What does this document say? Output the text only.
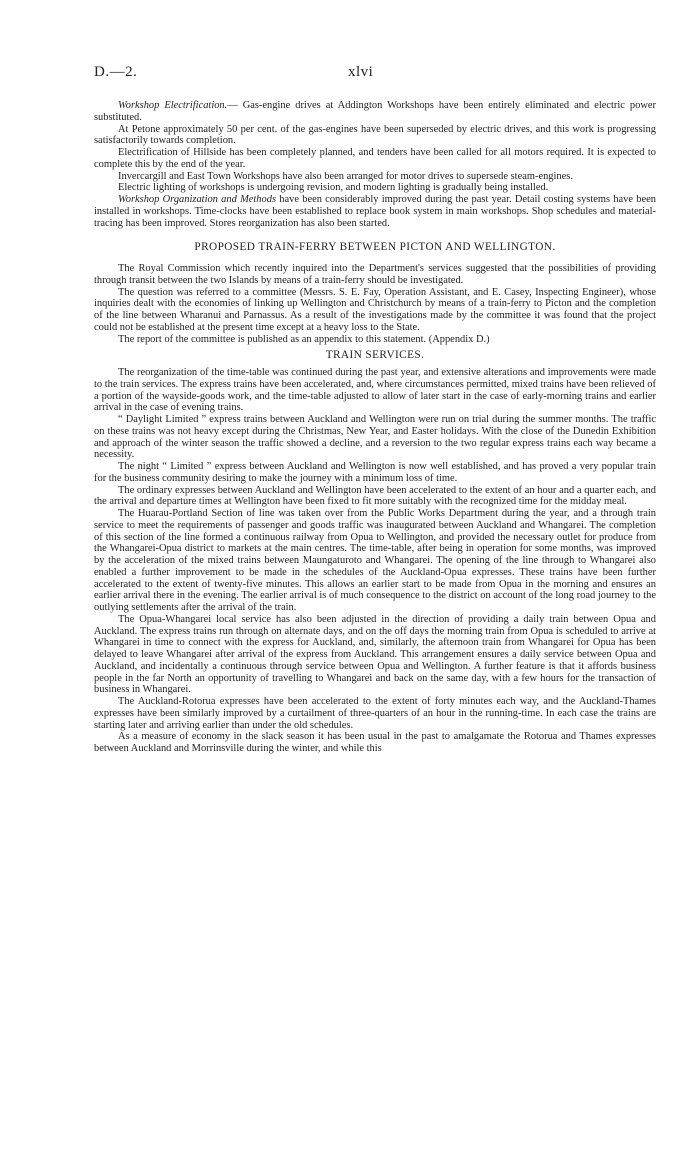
D.—2.	xlvi

Workshop Electrification.— Gas-engine drives at Addington Workshops have been entirely eliminated and electric power substituted.

At Petone approximately 50 per cent. of the gas-engines have been superseded by electric drives, and this work is progressing satisfactorily towards completion.

Electrification of Hillside has been completely planned, and tenders have been called for all motors required. It is expected to complete this by the end of the year.

Invercargill and East Town Workshops have also been arranged for motor drives to supersede steam-engines.

Electric lighting of workshops is undergoing revision, and modern lighting is gradually being installed.

Workshop Organization and Methods have been considerably improved during the past year. Detail costing systems have been installed in workshops. Time-clocks have been established to replace book system in main workshops. Shop schedules and material-tracing has been improved. Stores reorganization has also been started.

PROPOSED TRAIN-FERRY BETWEEN PICTON AND WELLINGTON.

The Royal Commission which recently inquired into the Department's services suggested that the possibilities of providing through transit between the two Islands by means of a train-ferry should be investigated.

The question was referred to a committee (Messrs. S. E. Fay, Operation Assistant, and E. Casey, Inspecting Engineer), whose inquiries dealt with the economies of linking up Wellington and Christchurch by means of a train-ferry to Picton and the completion of the line between Wharanui and Parnassus. As a result of the investigations made by the committee it was found that the project could not be established at the present time except at a heavy loss to the State.

The report of the committee is published as an appendix to this statement. (Appendix D.)

TRAIN SERVICES.

The reorganization of the time-table was continued during the past year, and extensive alterations and improvements were made to the train services. The express trains have been accelerated, and, where circumstances permitted, mixed trains have been relieved of a portion of the wayside-goods work, and the time-table adjusted to allow of later start in the case of early-morning trains and earlier arrival in the case of evening trains.

“ Daylight Limited ” express trains between Auckland and Wellington were run on trial during the summer months. The traffic on these trains was not heavy except during the Christmas, New Year, and Easter holidays. With the close of the Dunedin Exhibition and approach of the winter season the traffic showed a decline, and a reversion to the two regular express trains each way became a necessity.

The night “ Limited ” express between Auckland and Wellington is now well established, and has proved a very popular train for the business community desiring to make the journey with a minimum loss of time.

The ordinary expresses between Auckland and Wellington have been accelerated to the extent of an hour and a quarter each, and the arrival and departure times at Wellington have been fixed to fit more suitably with the recognized time for the midday meal.

The Huarau-Portland Section of line was taken over from the Public Works Department during the year, and a through train service to meet the requirements of passenger and goods traffic was inaugurated between Auckland and Whangarei. The completion of this section of the line formed a continuous railway from Opua to Wellington, and provided the necessary outlet for produce from the Whangarei-Opua district to markets at the main centres. The time-table, after being in operation for some months, was improved by the acceleration of the mixed trains between Maungaturoto and Whangarei. The opening of the line through to Whangarei also enabled a further improvement to be made in the schedules of the Auckland-Opua expresses. These trains have been further accelerated to the extent of twenty-five minutes. This allows an earlier start to be made from Opua in the morning and ensures an earlier arrival there in the evening. The earlier arrival is of much consequence to the district on account of the long road journey to the outlying settlements after the arrival of the train.

The Opua-Whangarei local service has also been adjusted in the direction of providing a daily train between Opua and Auckland. The express trains run through on alternate days, and on the off days the morning train from Opua is scheduled to arrive at Whangarei in time to connect with the express for Auckland, and, similarly, the afternoon train from Whangarei for Opua has been delayed to leave Whangarei after arrival of the express from Auckland. This arrangement ensures a daily service between Opua and Auckland, and incidentally a continuous through service between Opua and Wellington. A further feature is that it affords business people in the far North an opportunity of travelling to Whangarei and back on the same day, with a few hours for the transaction of business in Whangarei.

The Auckland-Rotorua expresses have been accelerated to the extent of forty minutes each way, and the Auckland-Thames expresses have been similarly improved by a curtailment of three-quarters of an hour in the running-time. In each case the trains are starting later and arriving earlier than under the old schedules.

As a measure of economy in the slack season it has been usual in the past to amalgamate the Rotorua and Thames expresses between Auckland and Morrinsville during the winter, and while this
